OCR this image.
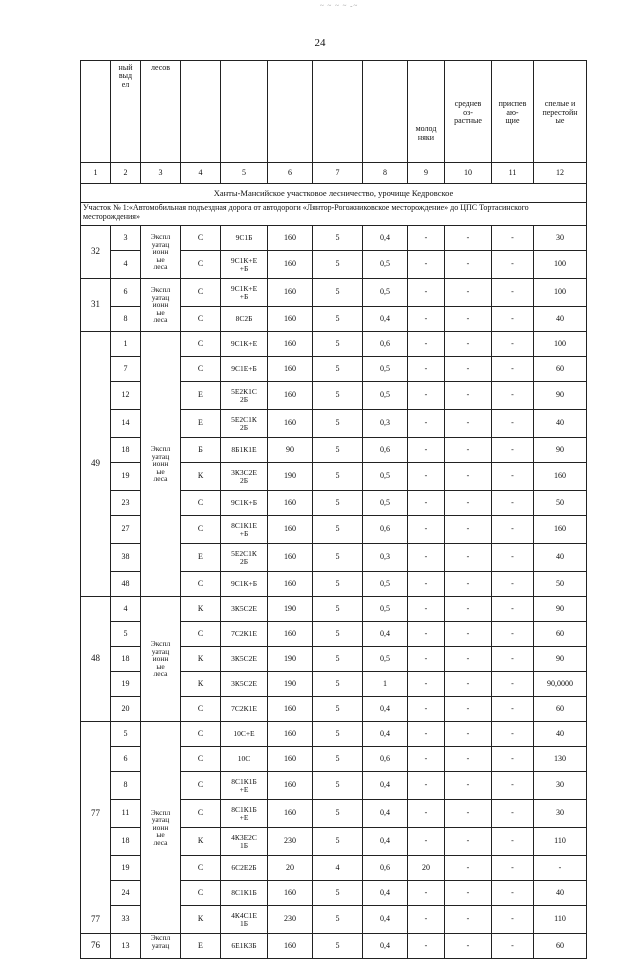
~ ~ ~ ~ -~
24
	ный
выд
ел	лесов						молод
няки	среднев
оз-
растные	приспев
аю-
щие	спелые и
перестойн
ые
1	2	3	4	5	6	7	8	9	10	11	12
Ханты-Мансийское участковое лесничество, урочище Кедровское											
Участок № 1:«Автомобильная подъездная дорога от автодороги «Лянтор-Рогожниковское месторождение» до ЦПС Тортасинского месторождения»											
32	3	Экспл
уатац
ионн
ые
леса	С	9С1Б	160	5	0,4	-	-	-	30
	4		С	9С1К+Е
+Б	160	5	0,5	-	-	-	100
31	6	Экспл
уатац
ионн
ые
леса	С	9С1К+Е
+Б	160	5	0,5	-	-	-	100
	8		С	8С2Б	160	5	0,4	-	-	-	40
49	1	Экспл
уатац
ионн
ые
леса	С	9С1К+Е	160	5	0,6	-	-	-	100
	7		С	9С1Е+Б	160	5	0,5	-	-	-	60
	12		Е	5Е2К1С
2Б	160	5	0,5	-	-	-	90
	14		Е	5Е2С1К
2Б	160	5	0,3	-	-	-	40
	18		Б	8Б1К1Е	90	5	0,6	-	-	-	90
	19		К	3К3С2Е
2Б	190	5	0,5	-	-	-	160
	23		С	9С1К+Б	160	5	0,5	-	-	-	50
	27		С	8С1К1Е
+Б	160	5	0,6	-	-	-	160
	38		Е	5Е2С1К
2Б	160	5	0,3	-	-	-	40
	48		С	9С1К+Б	160	5	0,5	-	-	-	50
48	4	Экспл
уатац
ионн
ые
леса	К	3К5С2Е	190	5	0,5	-	-	-	90
	5		С	7С2К1Е	160	5	0,4	-	-	-	60
	18		К	3К5С2Е	190	5	0,5	-	-	-	90
	19		К	3К5С2Е	190	5	1	-	-	-	90,0000
	20		С	7С2К1Е	160	5	0,4	-	-	-	60
77	5	Экспл
уатац
ионн
ые
леса	С	10С+Е	160	5	0,4	-	-	-	40
	6		С	10С	160	5	0,6	-	-	-	130
	8		С	8С1К1Б
+Е	160	5	0,4	-	-	-	30
	11		С	8С1К1Б
+Е	160	5	0,4	-	-	-	30
	18		К	4К3Е2С
1Б	230	5	0,4	-	-	-	110
	19		С	6С2Е2Б	20	4	0,6	20	-	-	-
	24		С	8С1К1Б	160	5	0,4	-	-	-	40
77	33		К	4К4С1Е
1Б	230	5	0,4	-	-	-	110
76	13	Экспл
уатац	Е	6Е1К3Б	160	5	0,4	-	-	-	60
